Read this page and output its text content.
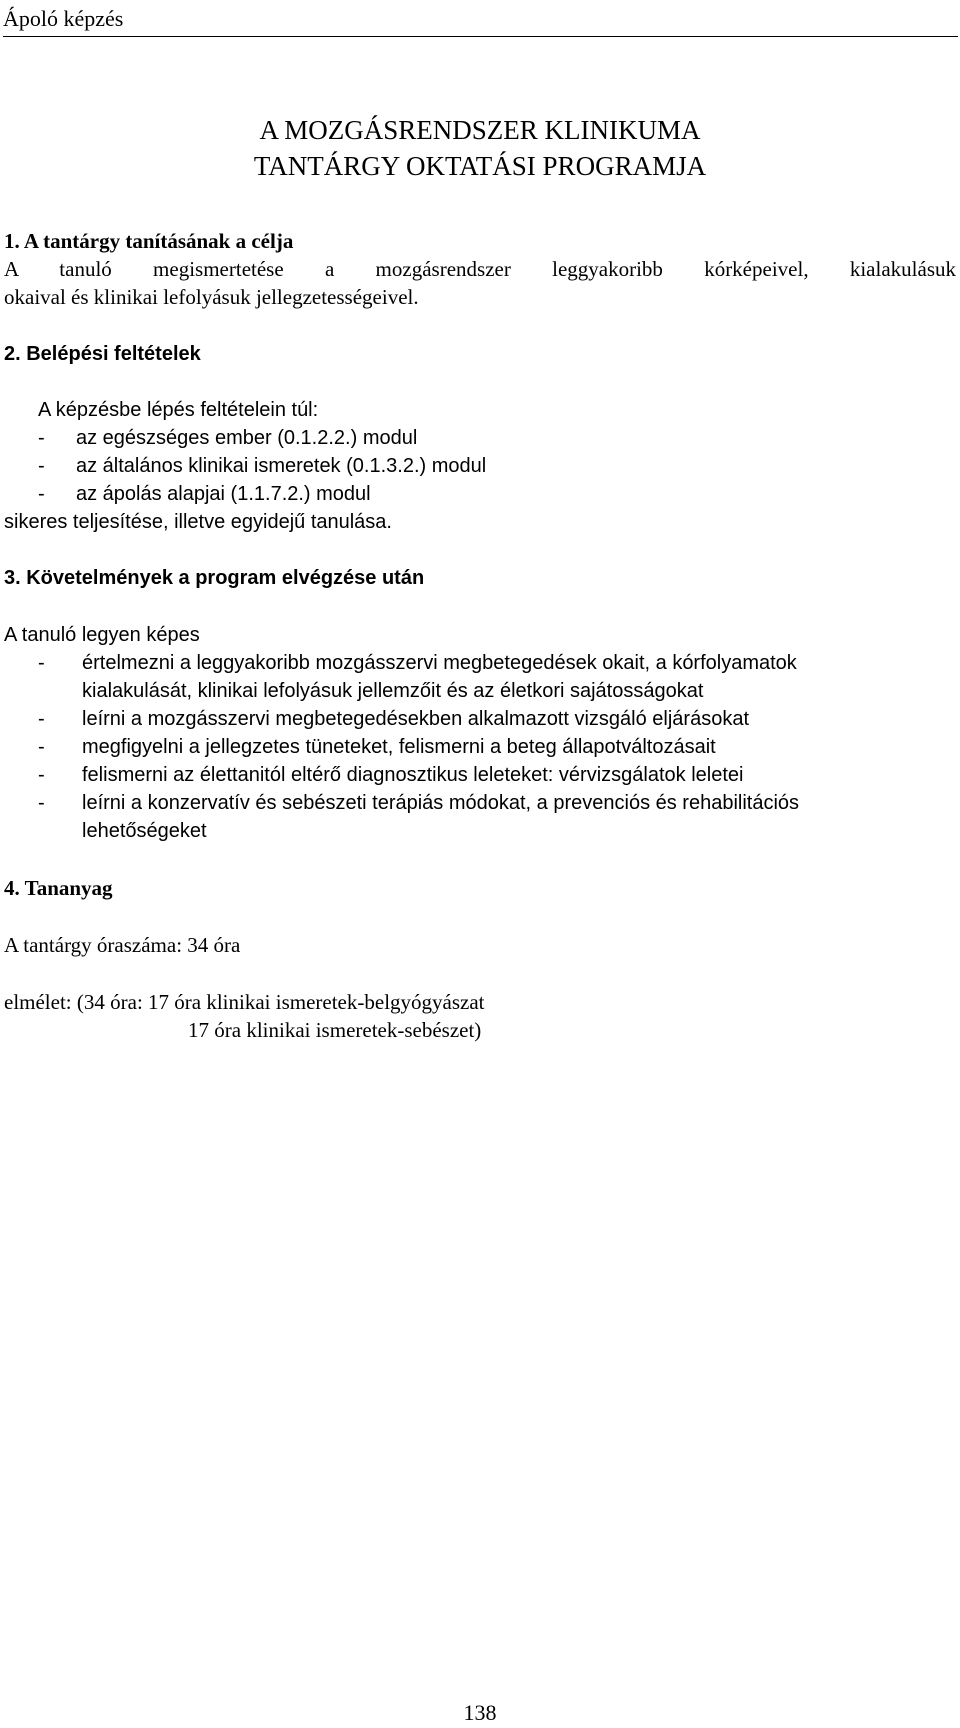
Ápoló képzés
A MOZGÁSRENDSZER KLINIKUMA
TANTÁRGY OKTATÁSI PROGRAMJA
1. A tantárgy tanításának a célja
A tanuló megismertetése a mozgásrendszer leggyakoribb kórképeivel, kialakulásuk
okaival és klinikai lefolyásuk jellegzetességeivel.
2. Belépési feltételek
A képzésbe lépés feltételein túl:
- az egészséges ember (0.1.2.2.) modul
- az általános klinikai ismeretek (0.1.3.2.) modul
- az ápolás alapjai (1.1.7.2.) modul
sikeres teljesítése, illetve egyidejű tanulása.
3. Követelmények a program elvégzése után
A tanuló legyen képes
- értelmezni a leggyakoribb mozgásszervi megbetegedések okait, a kórfolyamatok
kialakulását, klinikai lefolyásuk jellemzőit és az életkori sajátosságokat
- leírni a mozgásszervi megbetegedésekben alkalmazott vizsgáló eljárásokat
- megfigyelni a jellegzetes tüneteket, felismerni a beteg állapotváltozásait
- felismerni az élettanitól eltérő diagnosztikus leleteket: vérvizsgálatok leletei
- leírni a konzervatív és sebészeti terápiás módokat, a prevenciós és rehabilitációs
lehetőségeket
4. Tananyag
A tantárgy óraszáma: 34 óra
elmélet: (34 óra: 17 óra klinikai ismeretek-belgyógyászat
17 óra klinikai ismeretek-sebészet)
138
